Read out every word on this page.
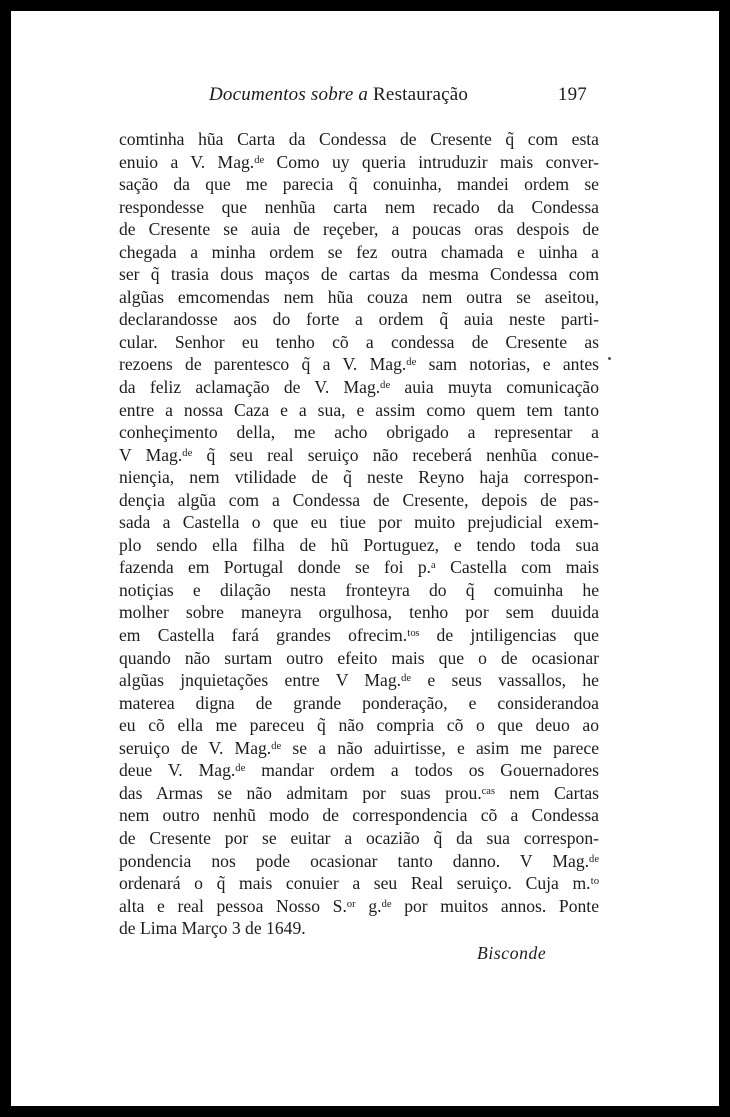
Documentos sobre a Restauração	197
comtinha hũa Carta da Condessa de Cresente q̃ com esta
enuio a V. Mag.ᵈᵉ Como uy queria intruduzir mais conver-
sação da que me parecia q̃ conuinha, mandei ordem se
respondesse que nenhũa carta nem recado da Condessa
de Cresente se auia de reçeber, a poucas oras despois de
chegada a minha ordem se fez outra chamada e uinha a
ser q̃ trasia dous maços de cartas da mesma Condessa com
algũas emcomendas nem hũa couza nem outra se aseitou,
declarandosse aos do forte a ordem q̃ auia neste parti-
cular. Senhor eu tenho cõ a condessa de Cresente as
rezoens de parentesco q̃ a V. Mag.ᵈᵉ sam notorias, e antes
da feliz aclamação de V. Mag.ᵈᵉ auia muyta comunicação
entre a nossa Caza e a sua, e assim como quem tem tanto
conheçimento della, me acho obrigado a representar a
V Mag.ᵈᵉ q̃ seu real seruiço não receberá nenhũa conue-
niençia, nem vtilidade de q̃ neste Reyno haja correspon-
dençia algũa com a Condessa de Cresente, depois de pas-
sada a Castella o que eu tiue por muito prejudicial exem-
plo sendo ella filha de hũ Portuguez, e tendo toda sua
fazenda em Portugal donde se foi p.ᵃ Castella com mais
notiçias e dilação nesta fronteyra do q̃ comuinha he
molher sobre maneyra orgulhosa, tenho por sem duuida
em Castella fará grandes ofrecim.ᵗᵒˢ de jntiligencias que
quando não surtam outro efeito mais que o de ocasionar
algũas jnquietações entre V Mag.ᵈᵉ e seus vassallos, he
materea digna de grande ponderação, e considerandoa
eu cõ ella me pareceu q̃ não compria cõ o que deuo ao
seruiço de V. Mag.ᵈᵉ se a não aduirtisse, e asim me parece
deue V. Mag.ᵈᵉ mandar ordem a todos os Gouernadores
das Armas se não admitam por suas prou.ᶜᵃˢ nem Cartas
nem outro nenhũ modo de correspondencia cõ a Condessa
de Cresente por se euitar a ocazião q̃ da sua correspon-
pondencia nos pode ocasionar tanto danno. V Mag.ᵈᵉ
ordenará o q̃ mais conuier a seu Real seruiço. Cuja m.ᵗᵒ
alta e real pessoa Nosso S.ᵒʳ g.ᵈᵉ por muitos annos. Ponte
de Lima Março 3 de 1649.
Bisconde
